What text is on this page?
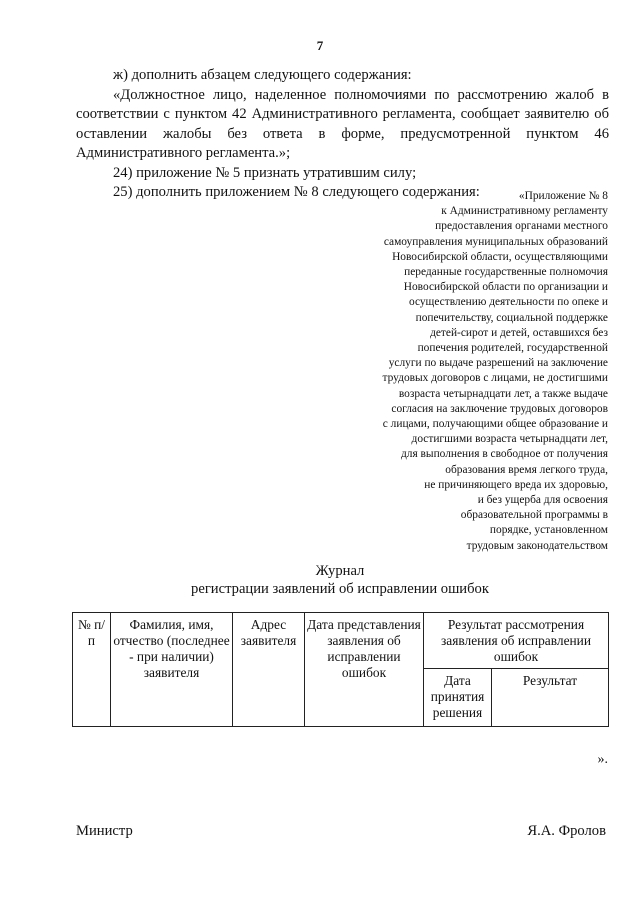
7

ж) дополнить абзацем следующего содержания:

«Должностное лицо, наделенное полномочиями по рассмотрению жалоб в соответствии с пунктом 42 Административного регламента, сообщает заявителю об оставлении жалобы без ответа в форме, предусмотренной пунктом 46 Административного регламента.»;

24) приложение № 5 признать утратившим силу;

25) дополнить приложением № 8 следующего содержания:	«Приложение № 8
к Административному регламенту
предоставления органами местного
самоуправления муниципальных образований
Новосибирской области, осуществляющими
переданные государственные полномочия
Новосибирской области по организации и
осуществлению деятельности по опеке и
попечительству, социальной поддержке
детей-сирот и детей, оставшихся без
попечения родителей, государственной
услуги по выдаче разрешений на заключение
трудовых договоров с лицами, не достигшими
возраста четырнадцати лет, а также выдаче
согласия на заключение трудовых договоров
с лицами, получающими общее образование и
достигшими возраста четырнадцати лет,
для выполнения в свободное от получения
образования время легкого труда,
не причиняющего вреда их здоровью,
и без ущерба для освоения
образовательной программы в
порядке, установленном
трудовым законодательством
Журнал
регистрации заявлений об исправлении ошибок
№ п/п	Фамилия, имя, отчество (последнее - при наличии) заявителя	Адрес заявителя	Дата представления заявления об исправлении ошибок	Результат рассмотрения заявления об исправлении ошибок	
				Дата принятия решения	Результат
».
Министр	Я.А. Фролов
